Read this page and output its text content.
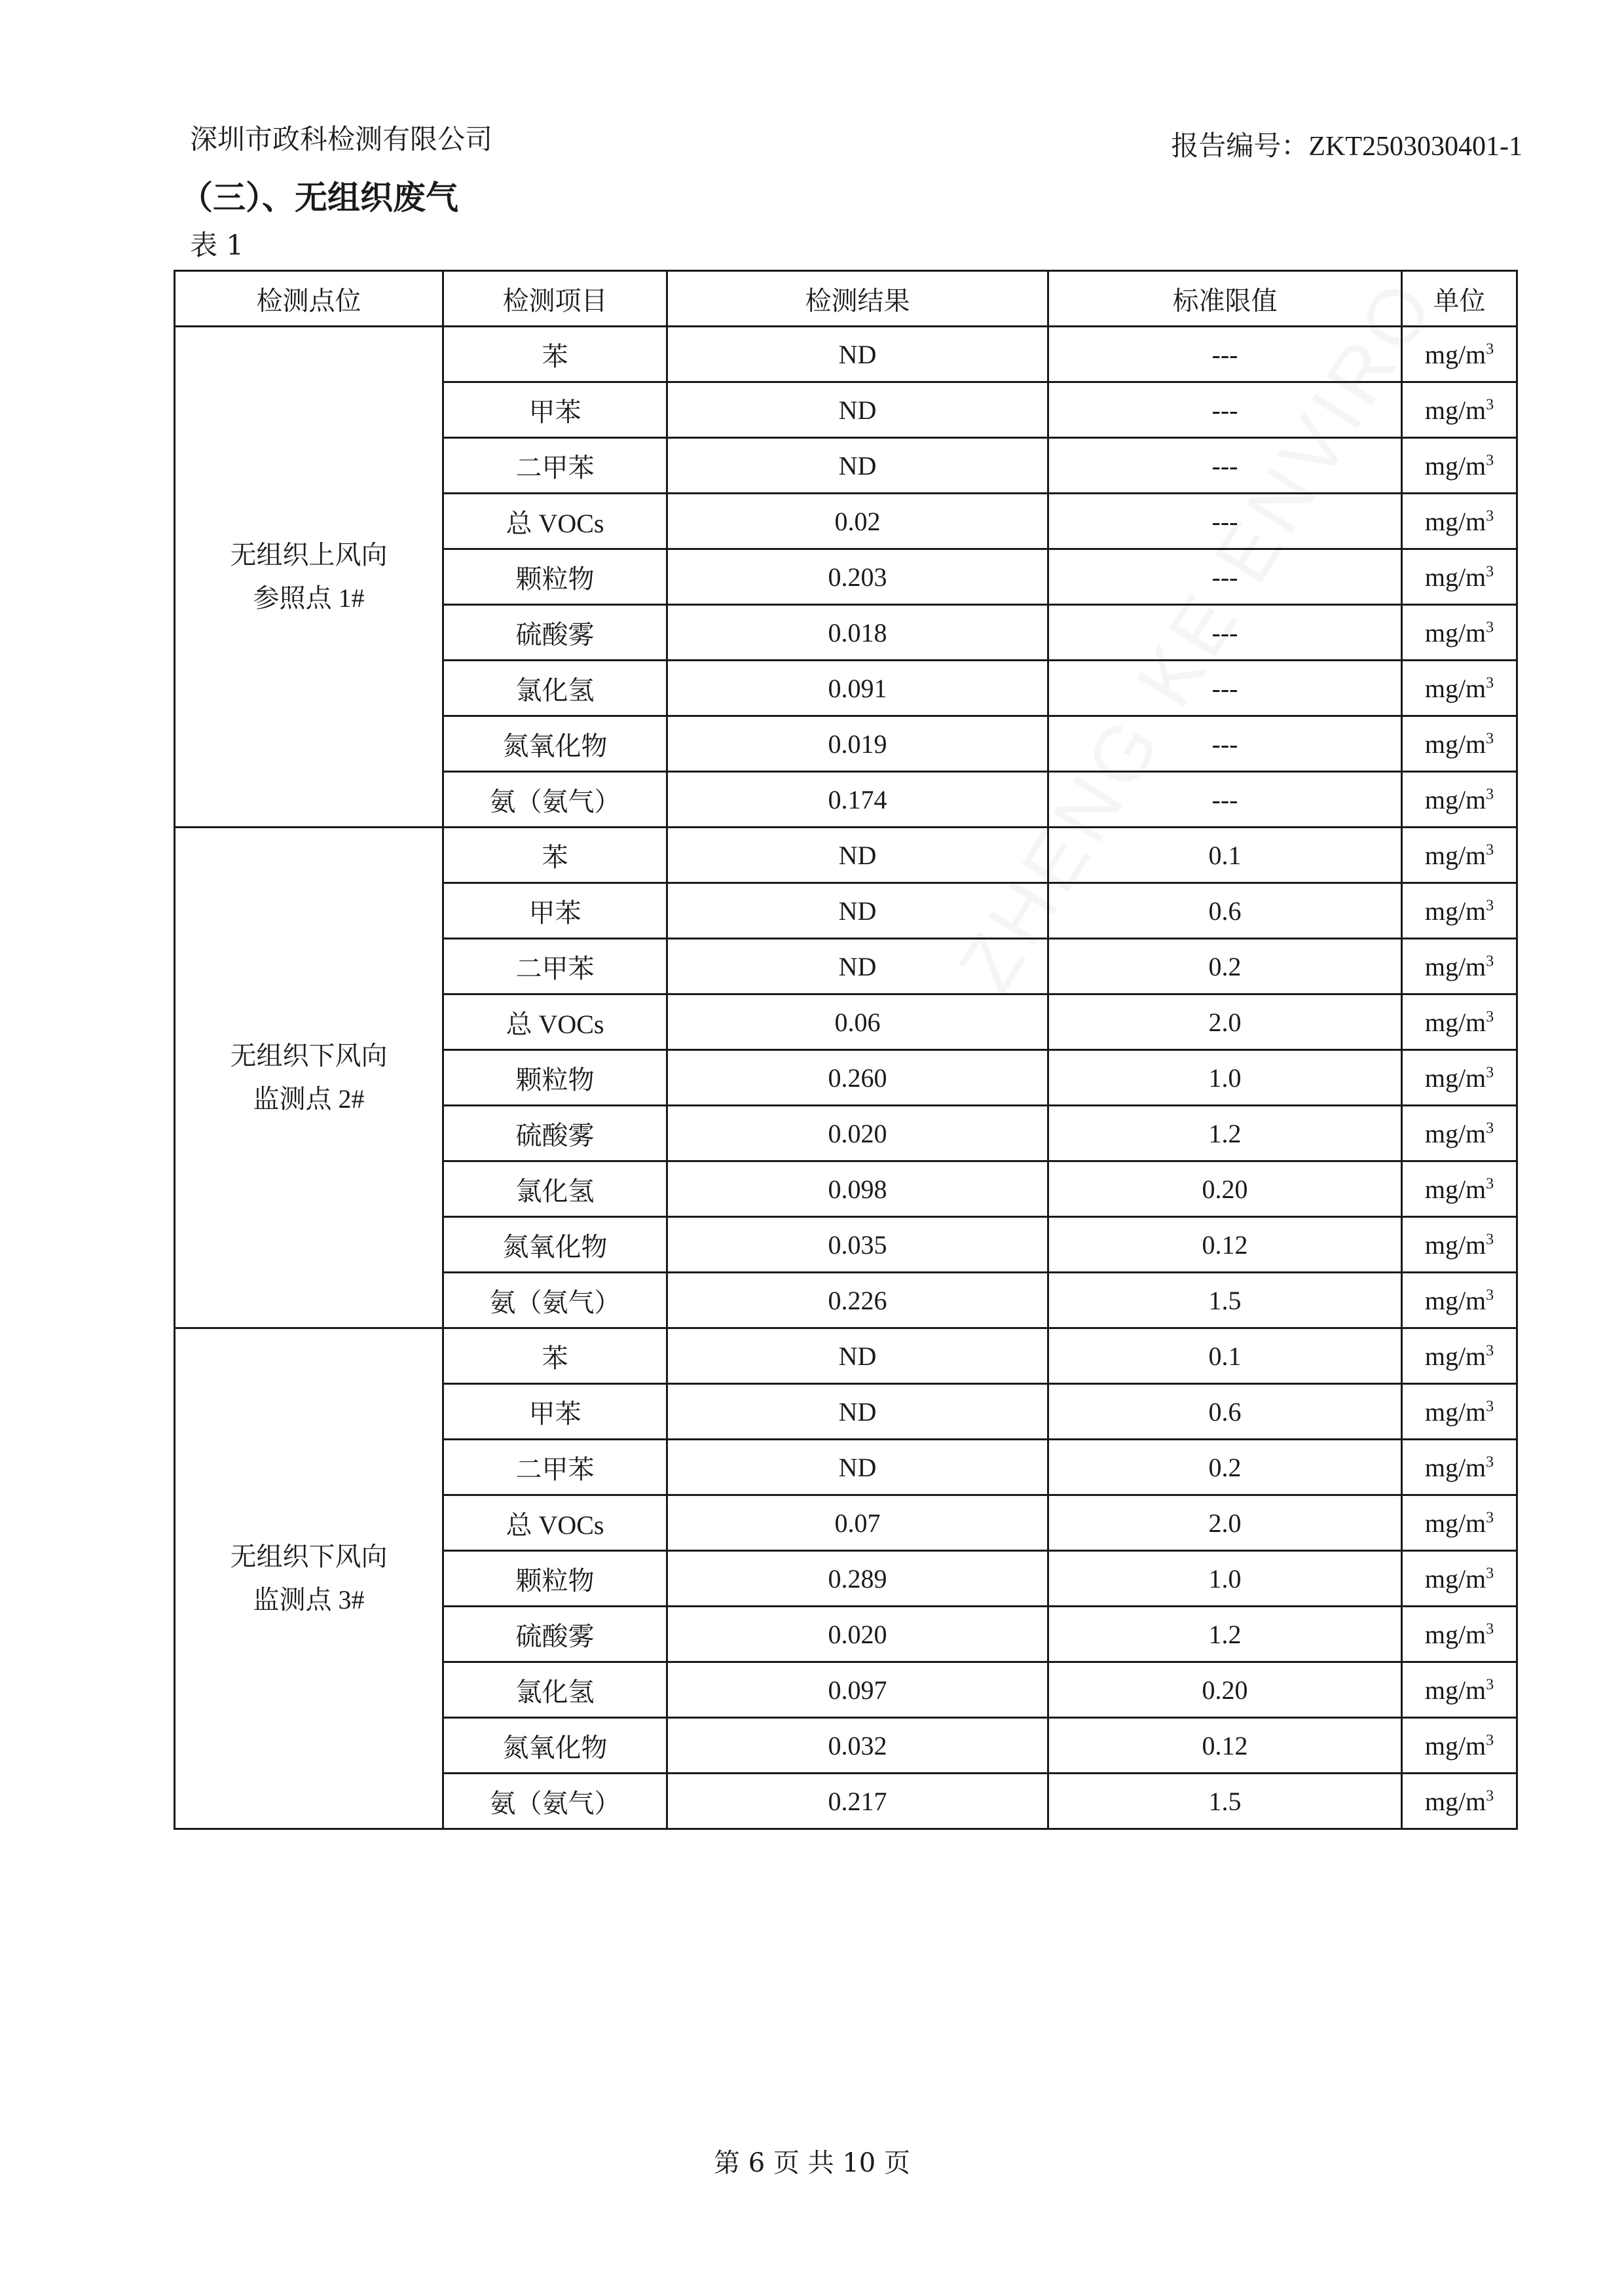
深圳市政科检测有限公司	报告编号：ZKT2503030401-1
（三）、无组织废气
表 1
检测点位	检测项目	检测结果	标准限值	单位

无组织上风向
参照点 1#	苯	ND	---	$mg/m^3$
	甲苯	ND	---	$mg/m^3$
	二甲苯	ND	---	$mg/m^3$
	总 VOCs	0.02	---	$mg/m^3$
	颗粒物	0.203	---	$mg/m^3$
	硫酸雾	0.018	---	$mg/m^3$
	氯化氢	0.091	---	$mg/m^3$
	氮氧化物	0.019	---	$mg/m^3$
	氨（氨气）	0.174	---	$mg/m^3$

无组织下风向
监测点 2#	苯	ND	0.1	$mg/m^3$
	甲苯	ND	0.6	$mg/m^3$
	二甲苯	ND	0.2	$mg/m^3$
	总 VOCs	0.06	2.0	$mg/m^3$
	颗粒物	0.260	1.0	$mg/m^3$
	硫酸雾	0.020	1.2	$mg/m^3$
	氯化氢	0.098	0.20	$mg/m^3$
	氮氧化物	0.035	0.12	$mg/m^3$
	氨（氨气）	0.226	1.5	$mg/m^3$

无组织下风向
监测点 3#	苯	ND	0.1	$mg/m^3$
	甲苯	ND	0.6	$mg/m^3$
	二甲苯	ND	0.2	$mg/m^3$
	总 VOCs	0.07	2.0	$mg/m^3$
	颗粒物	0.289	1.0	$mg/m^3$
	硫酸雾	0.020	1.2	$mg/m^3$
	氯化氢	0.097	0.20	$mg/m^3$
	氮氧化物	0.032	0.12	$mg/m^3$
	氨（氨气）	0.217	1.5	$mg/m^3$
第 6 页 共 10 页
